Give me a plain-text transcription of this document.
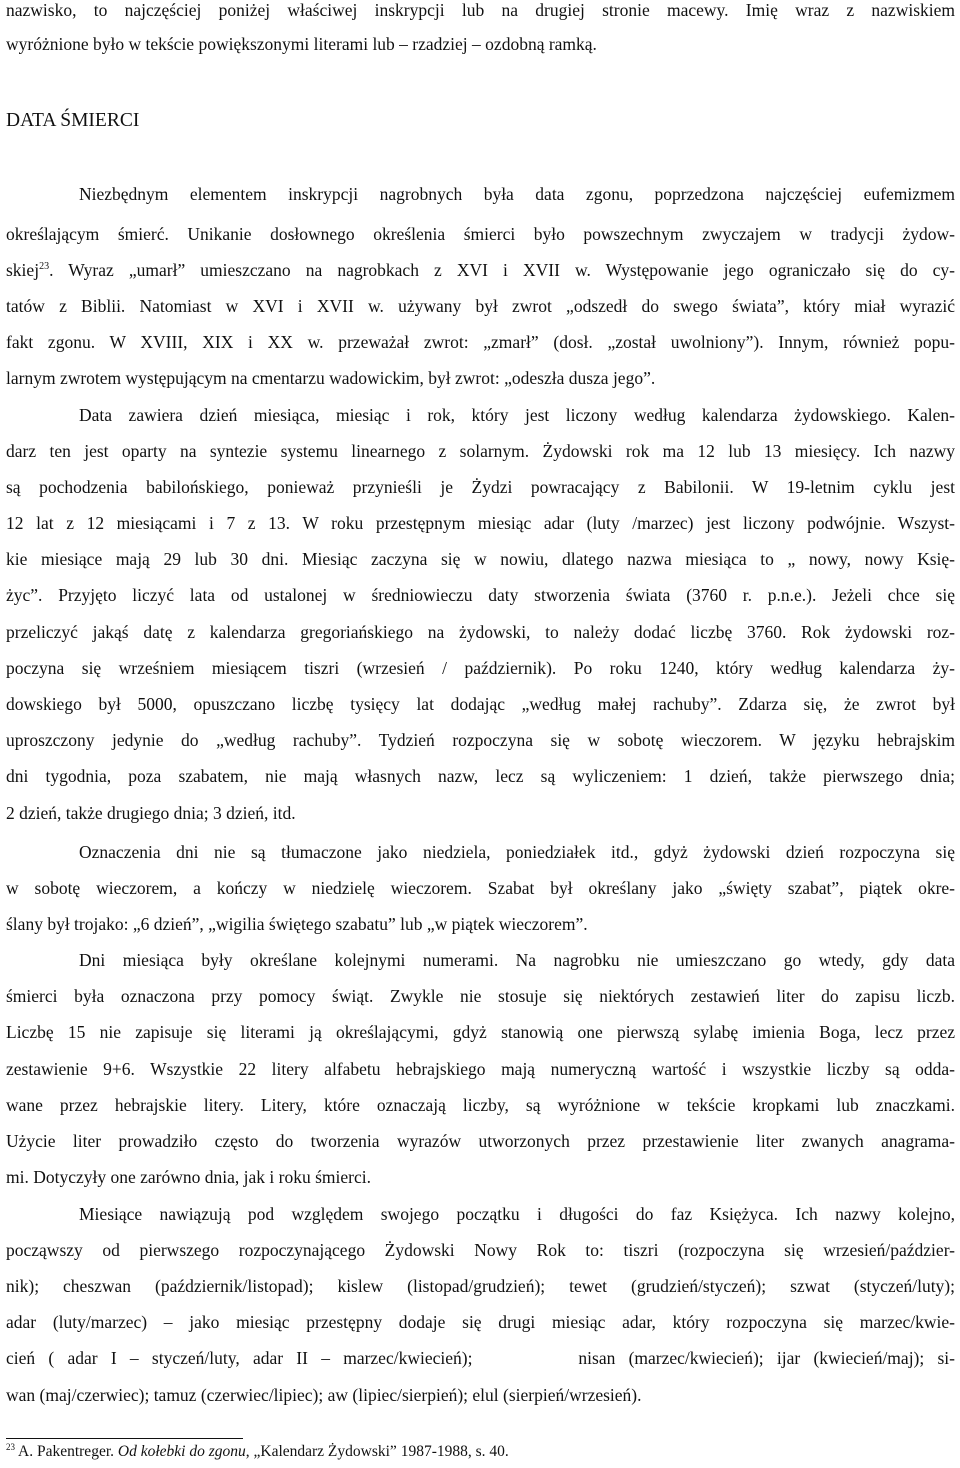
nazwisko, to najczęściej poniżej właściwej inskrypcji lub na drugiej stronie macewy. Imię wraz z nazwiskiem
wyróżnione było w tekście powiększonymi literami lub – rzadziej – ozdobną ramką.
DATA ŚMIERCI
Niezbędnym elementem inskrypcji nagrobnych była data zgonu, poprzedzona najczęściej eufemizmem
określającym śmierć. Unikanie dosłownego określenia śmierci było powszechnym zwyczajem w tradycji żydow-
skiej$^{23}$. Wyraz „umarł” umieszczano na nagrobkach z XVI i XVII w. Występowanie jego ograniczało się do cy-
tatów z Biblii. Natomiast w XVI i XVII w. używany był zwrot „odszedł do swego świata”, który miał wyrazić
fakt zgonu. W XVIII, XIX i XX w. przeważał zwrot: „zmarł” (dosł. „został uwolniony”). Innym, również popu-
larnym zwrotem występującym na cmentarzu wadowickim, był zwrot: „odeszła dusza jego”.
Data zawiera dzień miesiąca, miesiąc i rok, który jest liczony według kalendarza żydowskiego. Kalen-
darz ten jest oparty na syntezie systemu linearnego z solarnym. Żydowski rok ma 12 lub 13 miesięcy. Ich nazwy
są pochodzenia babilońskiego, ponieważ przynieśli je Żydzi powracający z Babilonii. W 19-letnim cyklu jest
12 lat z 12 miesiącami i 7 z 13. W roku przestępnym miesiąc adar (luty /marzec) jest liczony podwójnie. Wszyst-
kie miesiące mają 29 lub 30 dni. Miesiąc zaczyna się w nowiu, dlatego nazwa miesiąca to „ nowy, nowy Księ-
życ”. Przyjęto liczyć lata od ustalonej w średniowieczu daty stworzenia świata (3760 r. p.n.e.). Jeżeli chce się
przeliczyć jakąś datę z kalendarza gregoriańskiego na żydowski, to należy dodać liczbę 3760. Rok żydowski roz-
poczyna się wrześniem miesiącem tiszri (wrzesień / październik). Po roku 1240, który według kalendarza ży-
dowskiego był 5000, opuszczano liczbę tysięcy lat dodając „według małej rachuby”. Zdarza się, że zwrot był
uproszczony jedynie do „według rachuby”. Tydzień rozpoczyna się w sobotę wieczorem. W języku hebrajskim
dni tygodnia, poza szabatem, nie mają własnych nazw, lecz są wyliczeniem: 1 dzień, także pierwszego dnia;
2 dzień, także drugiego dnia; 3 dzień, itd.
Oznaczenia dni nie są tłumaczone jako niedziela, poniedziałek itd., gdyż żydowski dzień rozpoczyna się
w sobotę wieczorem, a kończy w niedzielę wieczorem. Szabat był określany jako „święty szabat”, piątek okre-
ślany był trojako: „6 dzień”, „wigilia świętego szabatu” lub „w piątek wieczorem”.
Dni miesiąca były określane kolejnymi numerami. Na nagrobku nie umieszczano go wtedy, gdy data
śmierci była oznaczona przy pomocy świąt. Zwykle nie stosuje się niektórych zestawień liter do zapisu liczb.
Liczbę 15 nie zapisuje się literami ją określającymi, gdyż stanowią one pierwszą sylabę imienia Boga, lecz przez
zestawienie 9+6. Wszystkie 22 litery alfabetu hebrajskiego mają numeryczną wartość i wszystkie liczby są odda-
wane przez hebrajskie litery. Litery, które oznaczają liczby, są wyróżnione w tekście kropkami lub znaczkami.
Użycie liter prowadziło często do tworzenia wyrazów utworzonych przez przestawienie liter zwanych anagrama-
mi. Dotyczyły one zarówno dnia, jak i roku śmierci.
Miesiące nawiązują pod względem swojego początku i długości do faz Księżyca. Ich nazwy kolejno,
począwszy od pierwszego rozpoczynającego Żydowski Nowy Rok to: tiszri (rozpoczyna się wrzesień/paździer-
nik); cheszwan (październik/listopad); kislew (listopad/grudzień); tewet (grudzień/styczeń); szwat (styczeń/luty);
adar (luty/marzec) – jako miesiąc przestępny dodaje się drugi miesiąc adar, który rozpoczyna się marzec/kwie-
cień ( adar I – styczeń/luty, adar II – marzec/kwiecień);        nisan (marzec/kwiecień); ijar (kwiecień/maj); si-
wan (maj/czerwiec); tamuz (czerwiec/lipiec); aw (lipiec/sierpień); elul (sierpień/wrzesień).
$^{23}$ A. Pakentreger. Od kołebki do zgonu, „Kalendarz Żydowski” 1987-1988, s. 40.
